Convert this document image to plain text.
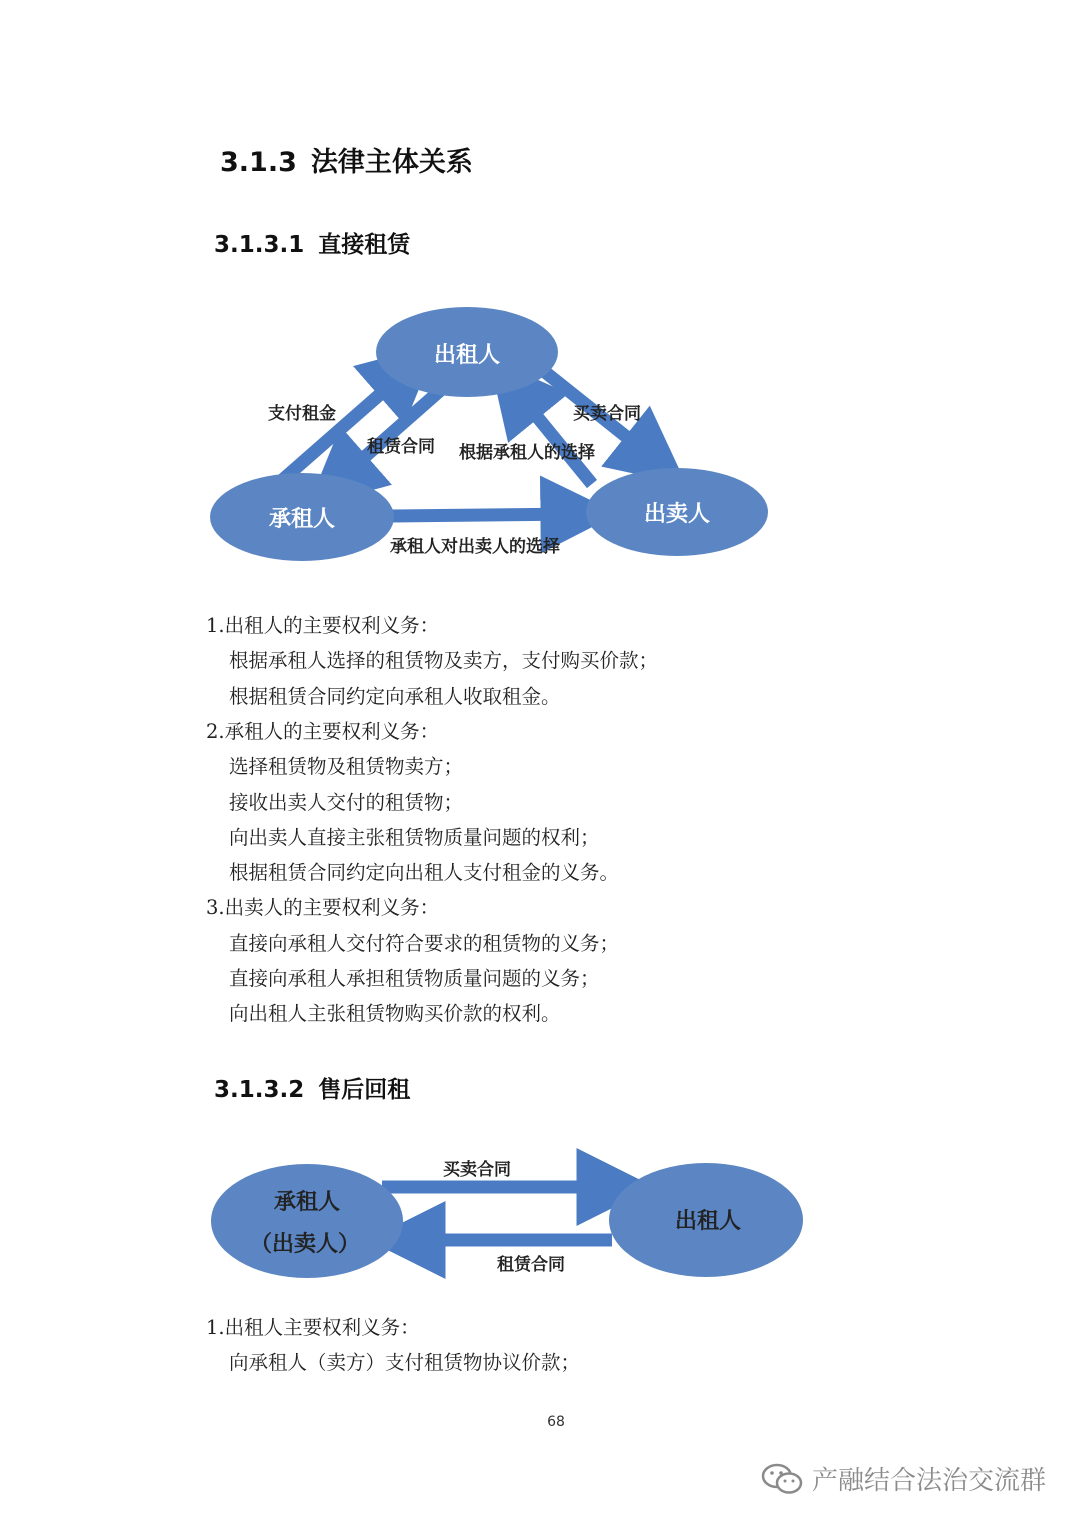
3.1.3 法律主体关系
3.1.3.1 直接租赁
出租人
承租人	出卖人
支付租金
租赁合同
买卖合同
根据承租人的选择
承租人对出卖人的选择
1.出租人的主要权利义务：
根据承租人选择的租赁物及卖方，支付购买价款；
根据租赁合同约定向承租人收取租金。
2.承租人的主要权利义务：
选择租赁物及租赁物卖方；
接收出卖人交付的租赁物；
向出卖人直接主张租赁物质量问题的权利；
根据租赁合同约定向出租人支付租金的义务。
3.出卖人的主要权利义务：
直接向承租人交付符合要求的租赁物的义务；
直接向承租人承担租赁物质量问题的义务；
向出租人主张租赁物购买价款的权利。
3.1.3.2 售后回租
承租人
（出卖人）
出租人
买卖合同
租赁合同
1.出租人主要权利义务：
向承租人（卖方）支付租赁物协议价款；
68
产融结合法治交流群
